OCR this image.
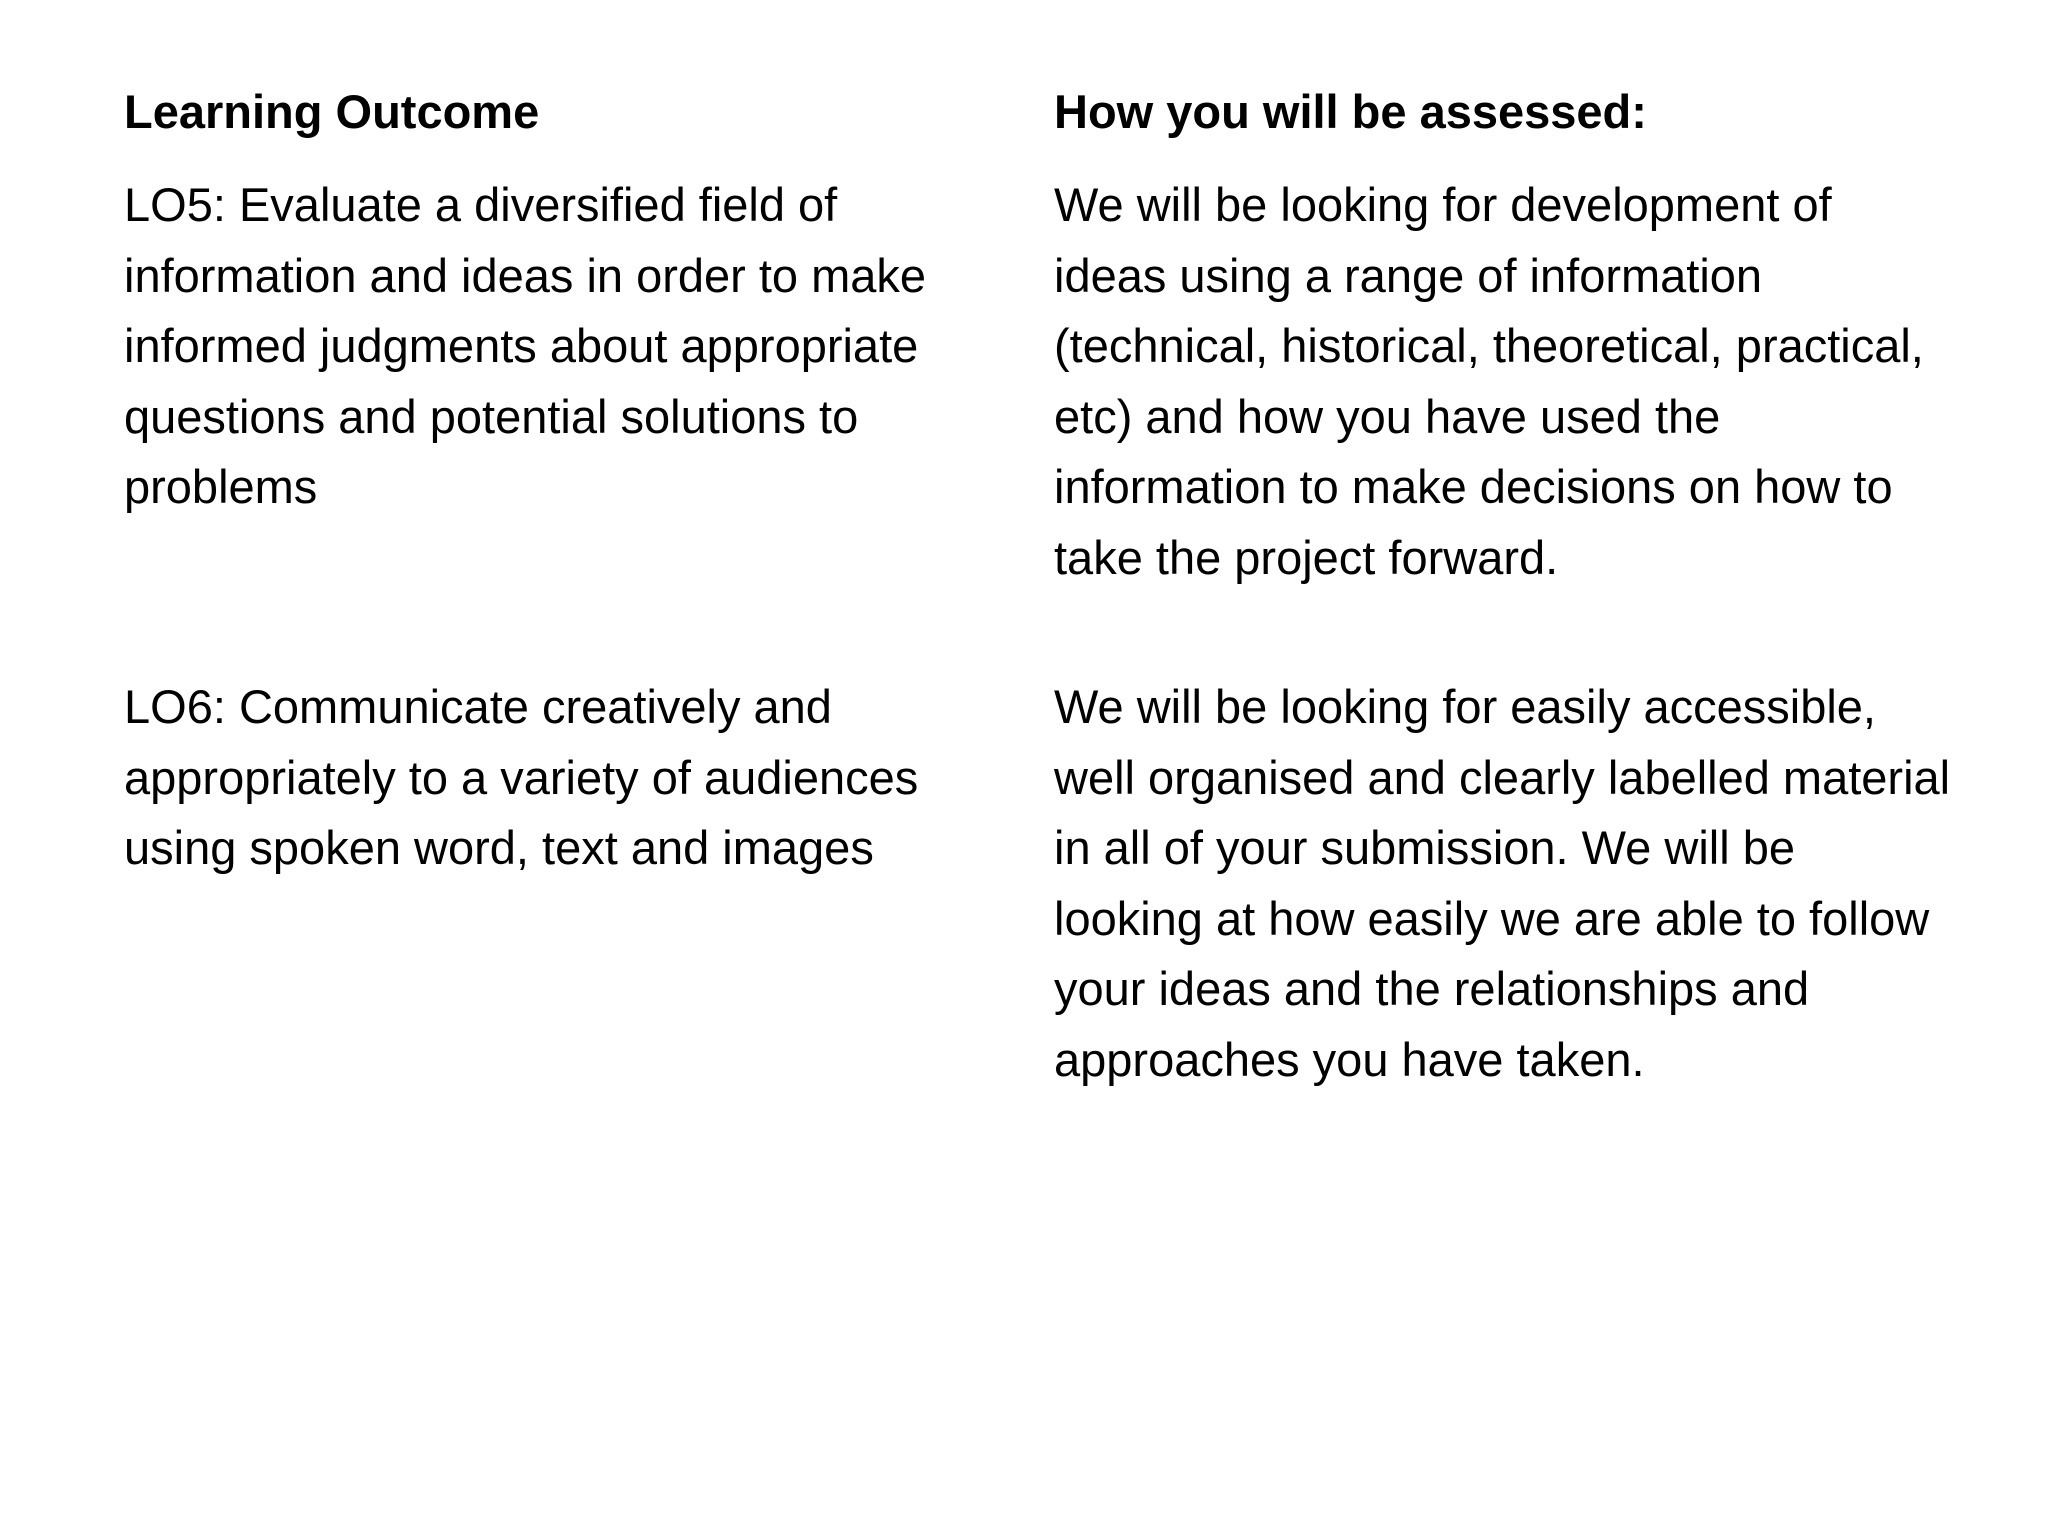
Learning Outcome

LO5: Evaluate a diversified field of information and ideas in order to make informed judgments about appropriate questions and potential solutions to problems

LO6: Communicate creatively and appropriately to a variety of audiences using spoken word, text and images

How you will be assessed:

We will be looking for development of ideas using a range of information (technical, historical, theoretical, practical, etc) and how you have used the information to make decisions on how to take the project forward.

We will be looking for easily accessible, well organised and clearly labelled material in all of your submission. We will be looking at how easily we are able to follow your ideas and the relationships and approaches you have taken.
